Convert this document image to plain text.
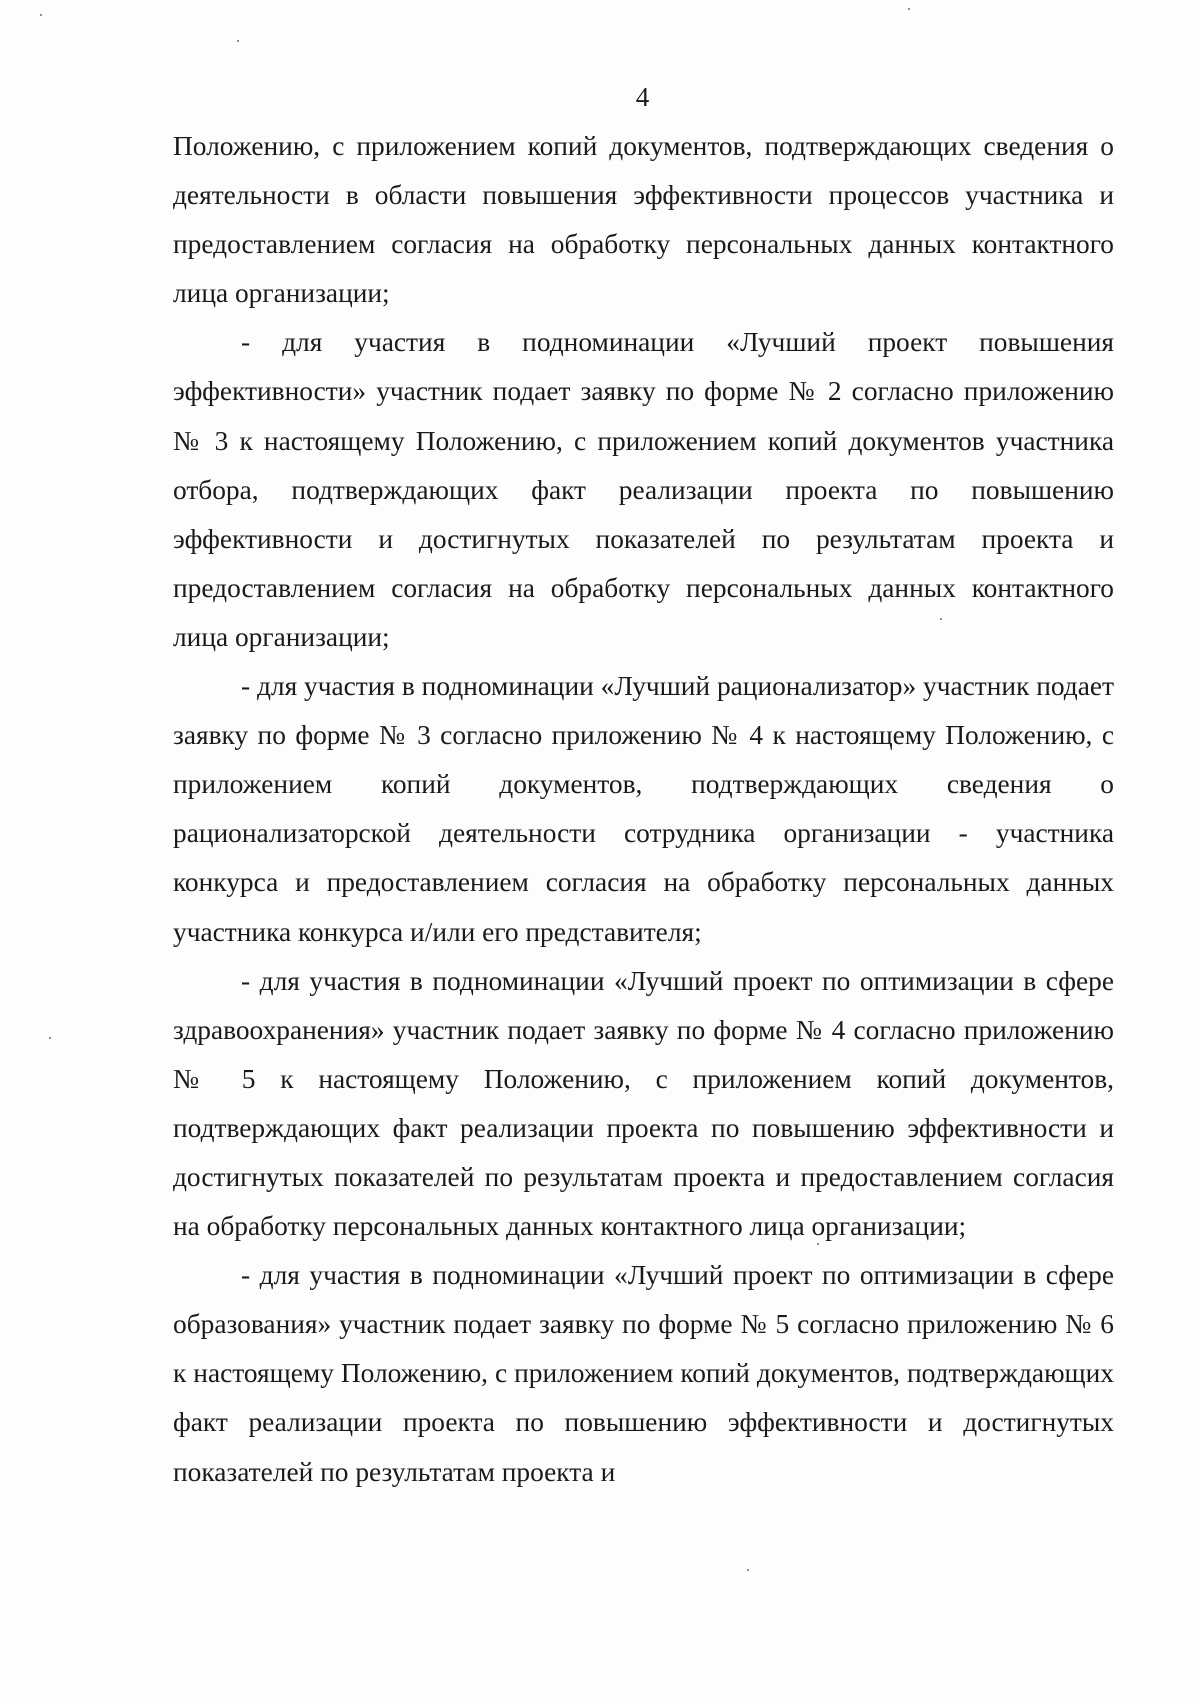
4

Положению, с приложением копий документов, подтверждающих сведения о деятельности в области повышения эффективности процессов участника и предоставлением согласия на обработку персональных данных контактного лица организации;

- для участия в подноминации «Лучший проект повышения эффективности» участник подает заявку по форме № 2 согласно приложению № 3 к настоящему Положению, с приложением копий документов участника отбора, подтверждающих факт реализации проекта по повышению эффективности и достигнутых показателей по результатам проекта и предоставлением согласия на обработку персональных данных контактного лица организации;

- для участия в подноминации «Лучший рационализатор» участник подает заявку по форме № 3 согласно приложению № 4 к настоящему Положению, с приложением копий документов, подтверждающих сведения о рационализаторской деятельности сотрудника организации - участника конкурса и предоставлением согласия на обработку персональных данных участника конкурса и/или его представителя;

- для участия в подноминации «Лучший проект по оптимизации в сфере здравоохранения» участник подает заявку по форме № 4 согласно приложению № 5 к настоящему Положению, с приложением копий документов, подтверждающих факт реализации проекта по повышению эффективности и достигнутых показателей по результатам проекта и предоставлением согласия на обработку персональных данных контактного лица организации;

- для участия в подноминации «Лучший проект по оптимизации в сфере образования» участник подает заявку по форме № 5 согласно приложению № 6 к настоящему Положению, с приложением копий документов, подтверждающих факт реализации проекта по повышению эффективности и достигнутых показателей по результатам проекта и
